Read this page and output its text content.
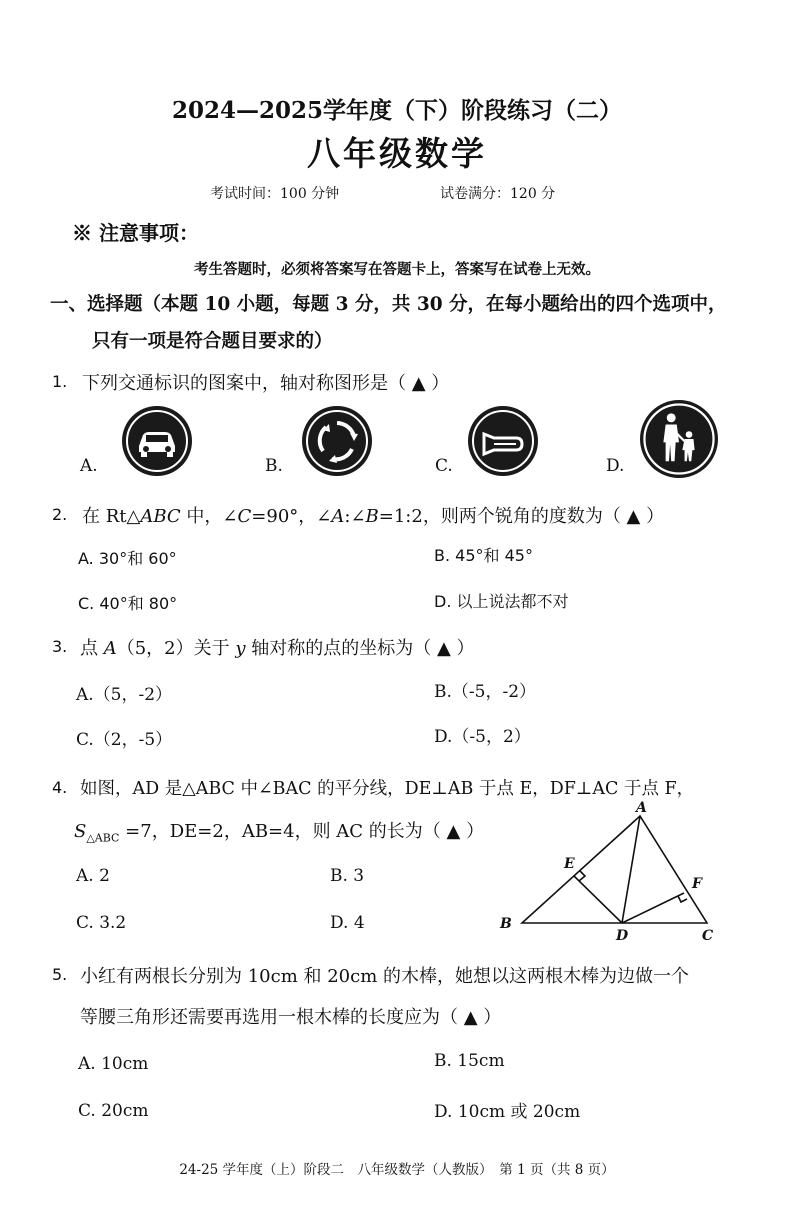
2024—2025学年度（下）阶段练习（二）
八年级数学
考试时间：100 分钟	试卷满分：120 分
※ 注意事项：
考生答题时，必须将答案写在答题卡上，答案写在试卷上无效。
一、选择题（本题 10 小题，每题 3 分，共 30 分，在每小题给出的四个选项中，
只有一项是符合题目要求的）
1. 下列交通标识的图案中，轴对称图形是（ ▲ ）
A.	B.	C.	D.
2. 在 Rt△ABC 中，∠C=90°，∠A:∠B=1:2，则两个锐角的度数为（ ▲ ）
A. 30°和 60°	B. 45°和 45°
C. 40°和 80°	D. 以上说法都不对
3. 点 A（5，2）关于 y 轴对称的点的坐标为（ ▲ ）
A.（5，-2）	B.（-5，-2）
C.（2，-5）	D.（-5，2）
4. 如图，AD 是△ABC 中∠BAC 的平分线，DE⊥AB 于点 E，DF⊥AC 于点 F，
$S_{\triangle ABC} =7$，DE=2，AB=4，则 AC 的长为（ ▲ ）
A. 2	B. 3
C. 3.2	D. 4
A
B
C
D
E
F
5. 小红有两根长分别为 10cm 和 20cm 的木棒，她想以这两根木棒为边做一个
等腰三角形还需要再选用一根木棒的长度应为（ ▲ ）
A. 10cm	B. 15cm
C. 20cm	D. 10cm 或 20cm
24-25 学年度（上）阶段二　八年级数学（人教版）　第 1 页（共 8 页）
